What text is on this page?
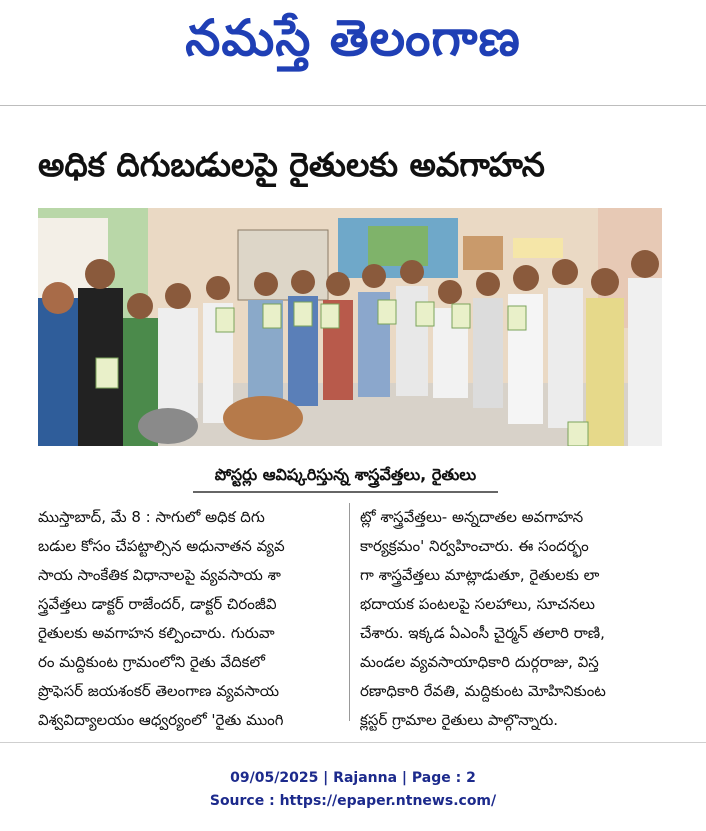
నమస్తే తెలంగాణ
అధిక దిగుబడులపై రైతులకు అవగాహన
పోస్టర్లు ఆవిష్కరిస్తున్న శాస్త్రవేత్తలు, రైతులు
ముస్తాబాద్, మే 8 : సాగులో అధిక దిగు
బడుల కోసం చేపట్టాల్సిన అధునాతన వ్యవ
సాయ సాంకేతిక విధానాలపై వ్యవసాయ శా
స్త్రవేత్తలు డాక్టర్ రాజేందర్, డాక్టర్ చిరంజీవి
రైతులకు అవగాహన కల్పించారు. గురువా
రం మద్దికుంట గ్రామంలోని రైతు వేదికలో
ప్రొఫెసర్ జయశంకర్ తెలంగాణ వ్యవసాయ
విశ్వవిద్యాలయం ఆధ్వర్యంలో 'రైతు ముంగి
ట్లో శాస్త్రవేత్తలు- అన్నదాతల అవగాహన
కార్యక్రమం' నిర్వహించారు. ఈ సందర్భం
గా శాస్త్రవేత్తలు మాట్లాడుతూ, రైతులకు లా
భదాయక పంటలపై సలహాలు, సూచనలు
చేశారు. ఇక్కడ ఏఎంసీ చైర్మన్ తలారి రాణి,
మండల వ్యవసాయాధికారి దుర్గరాజు, విస్త
రణాధికారి రేవతి, మద్దికుంట మోహినికుంట
క్లస్టర్ గ్రామాల రైతులు పాల్గొన్నారు.
09/05/2025 | Rajanna | Page : 2
Source : https://epaper.ntnews.com/
